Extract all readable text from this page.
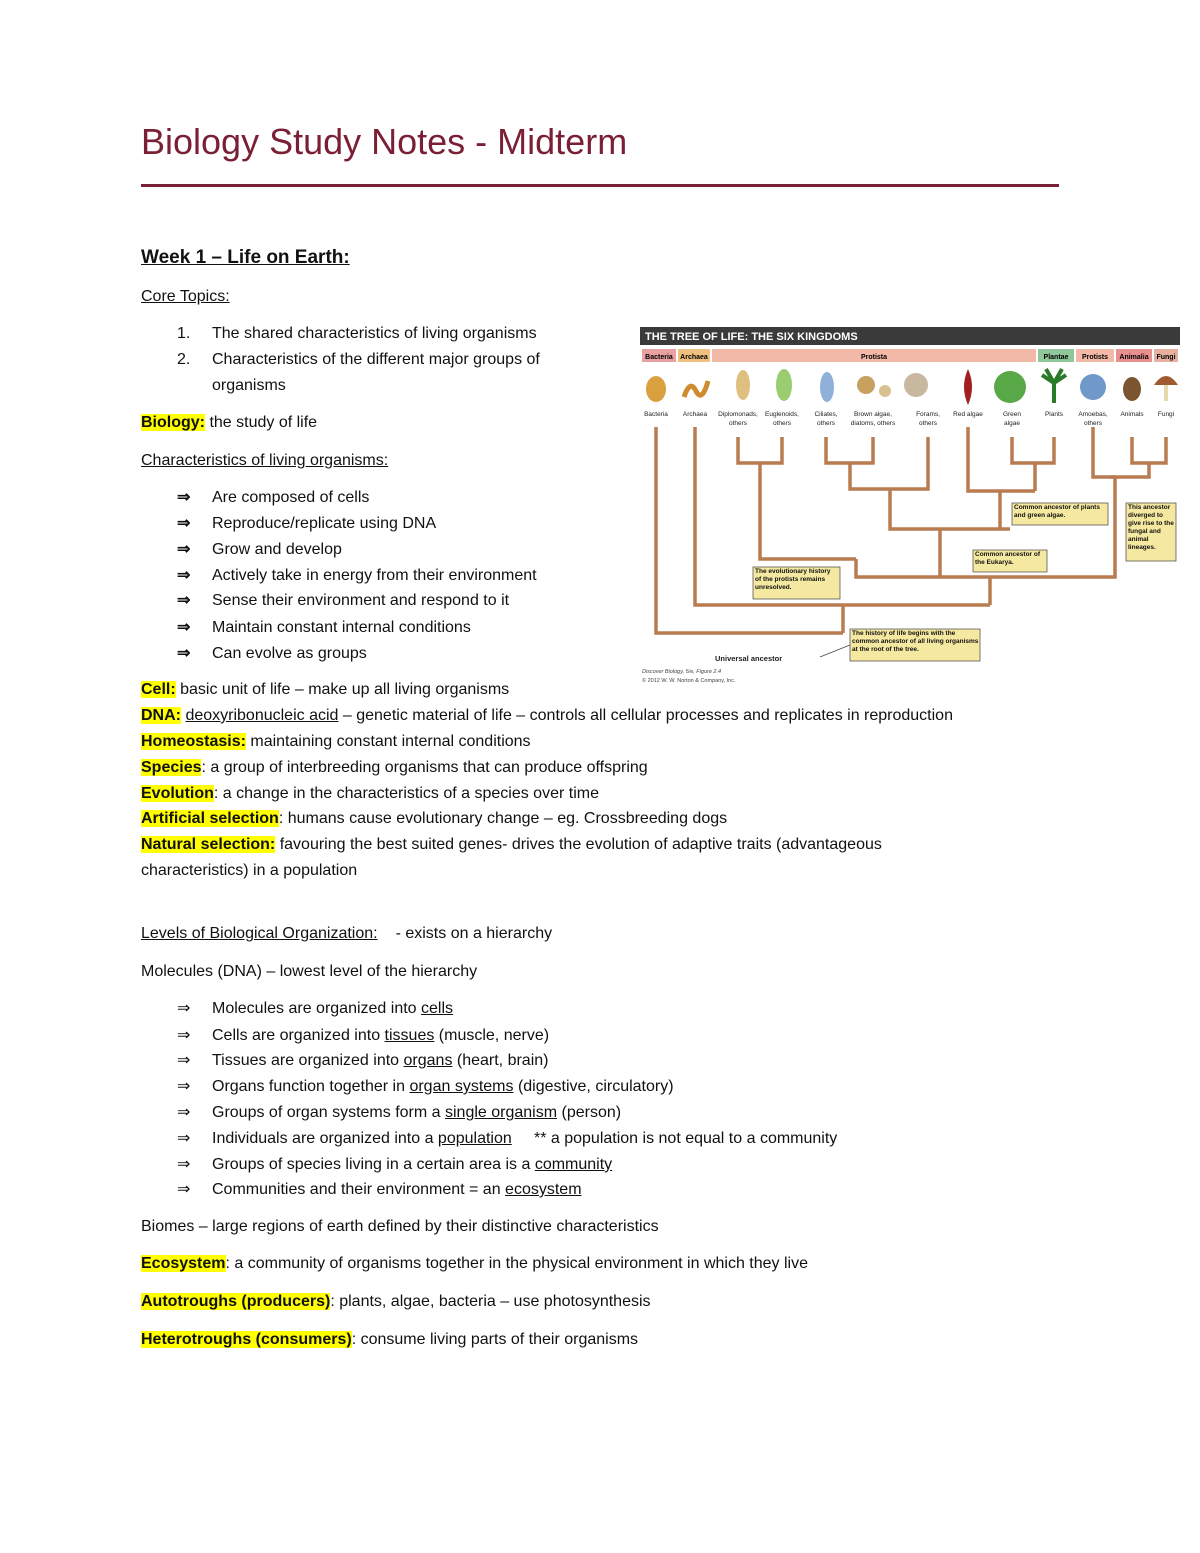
Biology Study Notes - Midterm
Week 1 – Life on Earth:
Core Topics:
1. The shared characteristics of living organisms
2. Characteristics of the different major groups of
organisms
Biology: the study of life
Characteristics of living organisms:
⇒ Are composed of cells
⇒ Reproduce/replicate using DNA
⇒ Grow and develop
⇒ Actively take in energy from their environment
⇒ Sense their environment and respond to it
⇒ Maintain constant internal conditions
⇒ Can evolve as groups
Cell: basic unit of life – make up all living organisms
DNA: deoxyribonucleic acid – genetic material of life – controls all cellular processes and replicates in reproduction
Homeostasis: maintaining constant internal conditions
Species: a group of interbreeding organisms that can produce offspring
Evolution: a change in the characteristics of a species over time
Artificial selection: humans cause evolutionary change – eg. Crossbreeding dogs
Natural selection: favouring the best suited genes- drives the evolution of adaptive traits (advantageous
characteristics) in a population
Levels of Biological Organization: - exists on a hierarchy
Molecules (DNA) – lowest level of the hierarchy
⇒ Molecules are organized into cells
⇒ Cells are organized into tissues (muscle, nerve)
⇒ Tissues are organized into organs (heart, brain)
⇒ Organs function together in organ systems (digestive, circulatory)
⇒ Groups of organ systems form a single organism (person)
⇒ Individuals are organized into a population     ** a population is not equal to a community
⇒ Groups of species living in a certain area is a community
⇒ Communities and their environment = an ecosystem
Biomes – large regions of earth defined by their distinctive characteristics
Ecosystem: a community of organisms together in the physical environment in which they live
Autotroughs (producers): plants, algae, bacteria – use photosynthesis
Heterotroughs (consumers): consume living parts of their organisms
THE TREE OF LIFE: THE SIX KINGDOMS
Bacteria Archaea	Protista	Plantae Protists Animalia Fungi
Bacteria Archaea Diplomonads,
others
Euglenoids,
others
Ciliates,
others
Brown algae,
diatoms, others
Forams,
others
Red algae	Green
algae
Plants Amoebas,
others
Animals Fungi
Common ancestor of plants and green algae.
This ancestor diverged to give rise to the fungal and animal lineages.
Common ancestor of the Eukarya.
The evolutionary history of the protists remains unresolved.
The history of life begins with the common ancestor of all living organisms at the root of the tree.
Universal ancestor
Discover Biology, 5/e, Figure 2.4
© 2012 W. W. Norton & Company, Inc.
